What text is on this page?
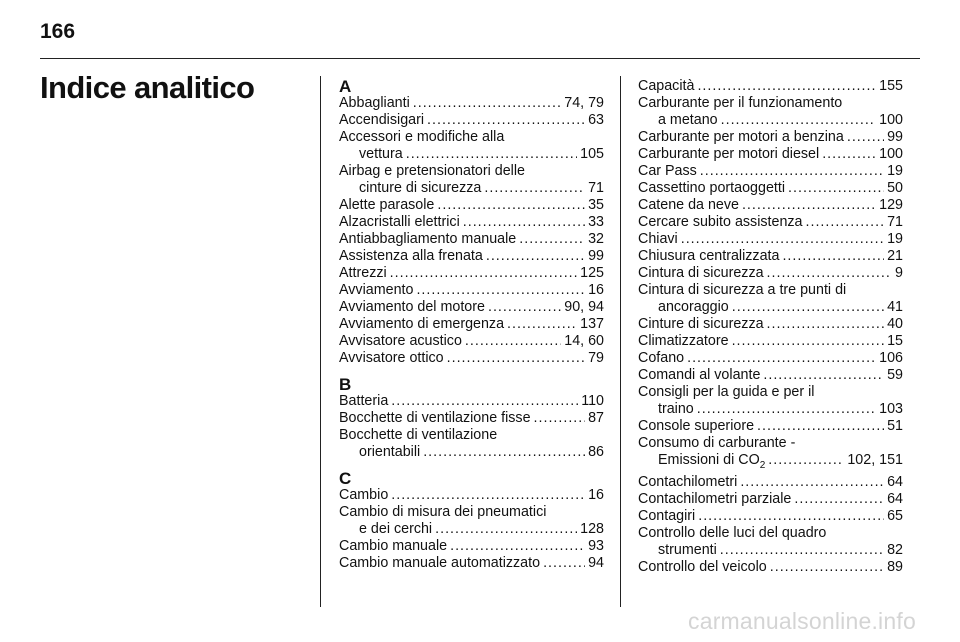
166
Indice analitico	A
Abbaglianti .....	74, 79
Accendisigari .....	63
Accessori e modifiche alla
vettura .....	105
Airbag e pretensionatori delle
cinture di sicurezza .....	71
Alette parasole .....	35
Alzacristalli elettrici .....	33
Antiabbagliamento manuale .....	32
Assistenza alla frenata .....	99
Attrezzi .....	125
Avviamento .....	16
Avviamento del motore .....	90, 94
Avviamento di emergenza .....	137
Avvisatore acustico .....	14, 60
Avvisatore ottico .....	79
B
Batteria .....	110
Bocchette di ventilazione fisse .....	87
Bocchette di ventilazione
orientabili .....	86
C
Cambio .....	16
Cambio di misura dei pneumatici
e dei cerchi .....	128
Cambio manuale .....	93
Cambio manuale automatizzato .....	94
Capacità .....	155
Carburante per il funzionamento
a metano .....	100
Carburante per motori a benzina .....	99
Carburante per motori diesel .....	100
Car Pass .....	19
Cassettino portaoggetti .....	50
Catene da neve .....	129
Cercare subito assistenza .....	71
Chiavi .....	19
Chiusura centralizzata .....	21
Cintura di sicurezza .....	9
Cintura di sicurezza a tre punti di
ancoraggio .....	41
Cinture di sicurezza .....	40
Climatizzatore .....	15
Cofano .....	106
Comandi al volante .....	59
Consigli per la guida e per il
traino .....	103
Console superiore .....	51
Consumo di carburante -
Emissioni di $CO_2$ .....	102, 151
Contachilometri .....	64
Contachilometri parziale .....	64
Contagiri .....	65
Controllo delle luci del quadro
strumenti .....	82
Controllo del veicolo .....	89
carmanualsonline.info
